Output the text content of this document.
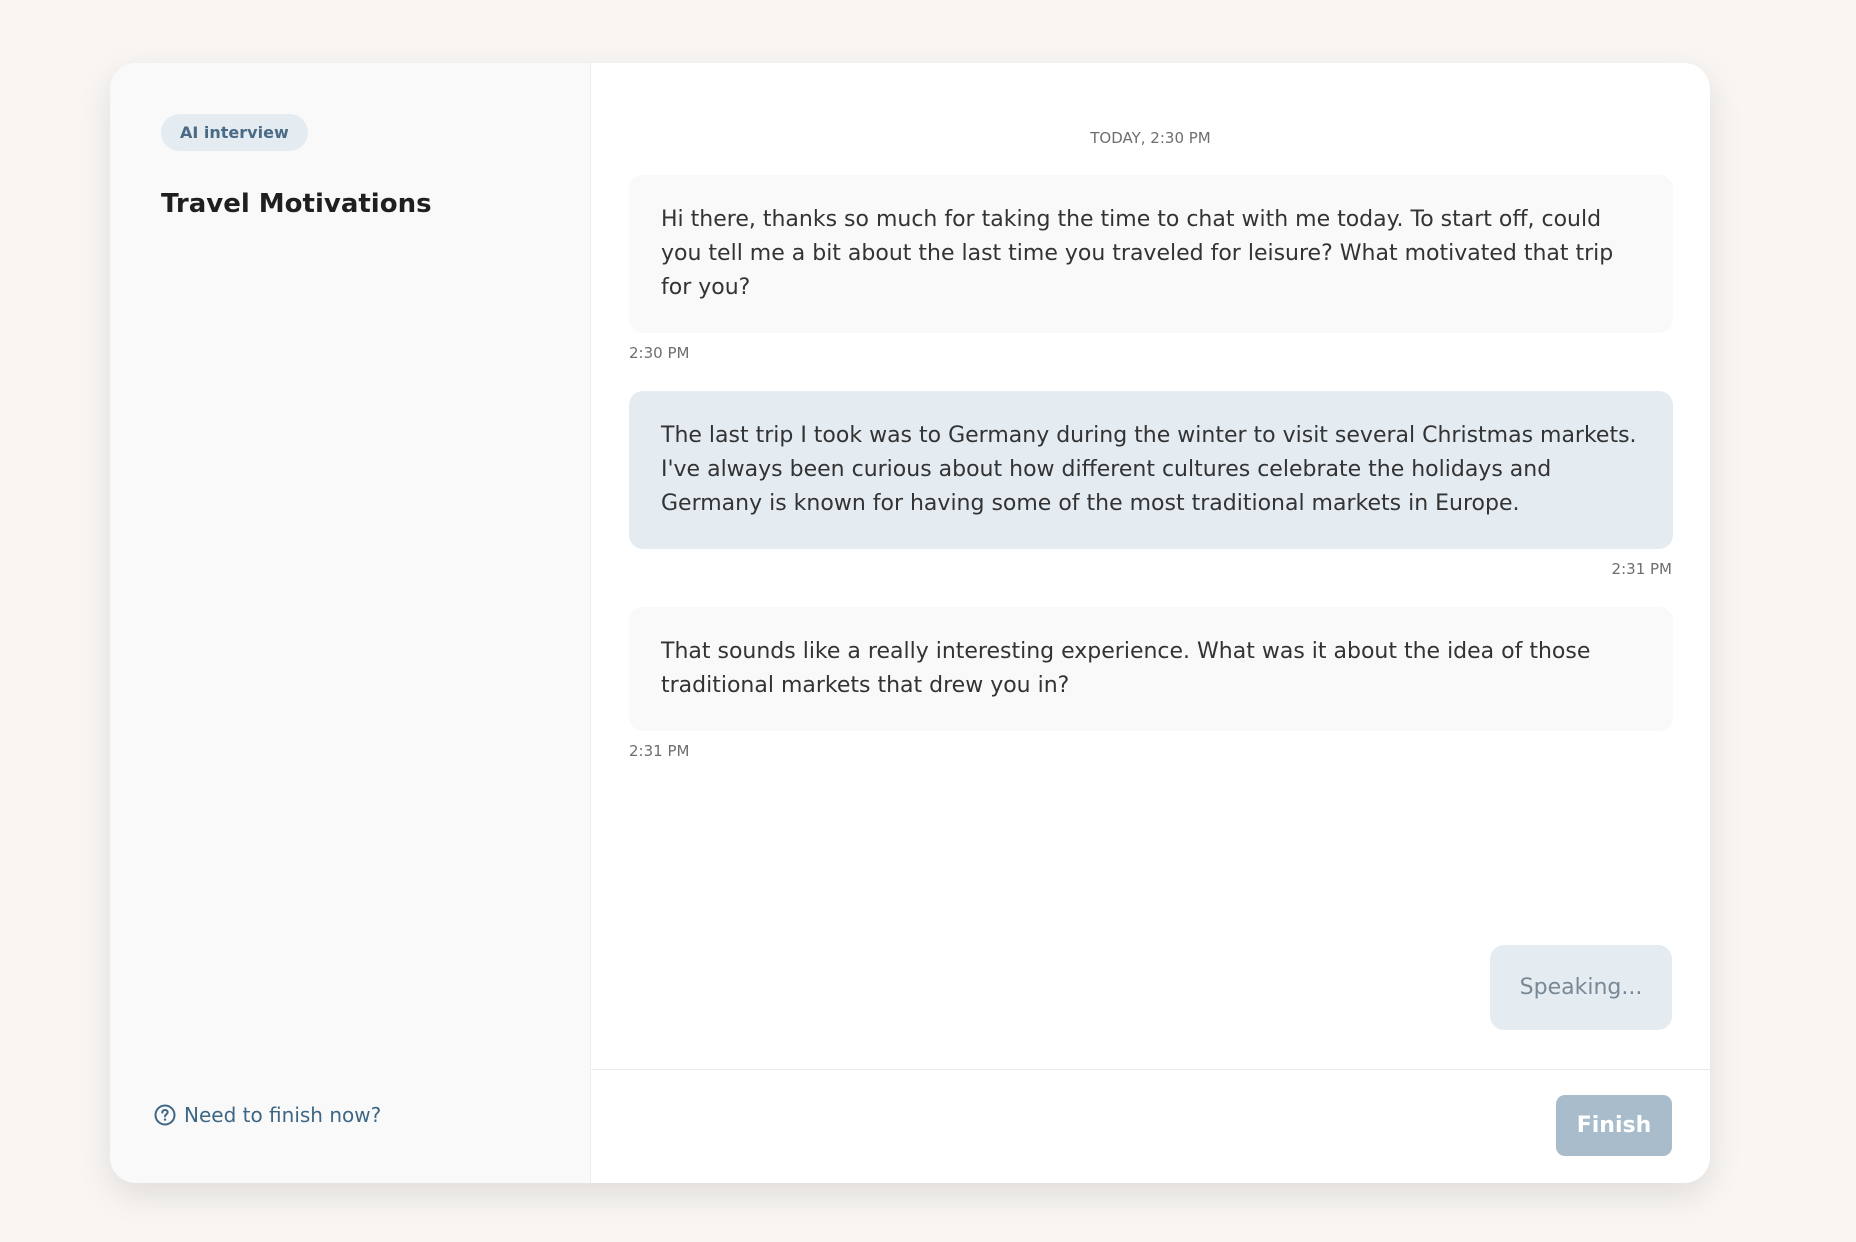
AI interview
Travel Motivations
Need to finish now?
TODAY, 2:30 PM
Hi there, thanks so much for taking the time to chat with me today. To start off, could you tell me a bit about the last time you traveled for leisure? What motivated that trip for you?
2:30 PM
The last trip I took was to Germany during the winter to visit several Christmas markets. I've always been curious about how different cultures celebrate the holidays and Germany is known for having some of the most traditional markets in Europe.
2:31 PM
That sounds like a really interesting experience. What was it about the idea of those traditional markets that drew you in?
2:31 PM
Speaking...
Finish
